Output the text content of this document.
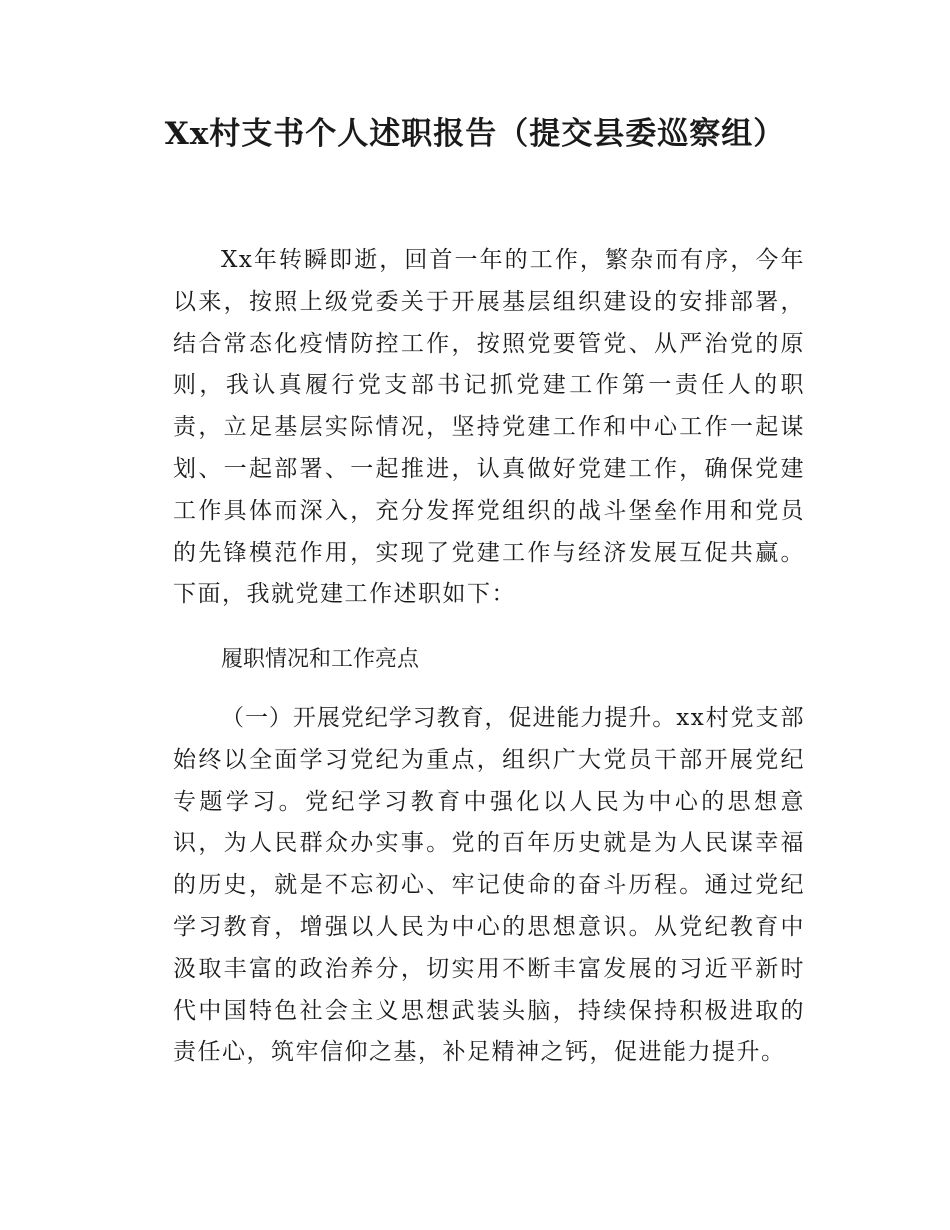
Xx村支书个人述职报告（提交县委巡察组）

Xx年转瞬即逝，回首一年的工作，繁杂而有序，今年以来，按照上级党委关于开展基层组织建设的安排部署，结合常态化疫情防控工作，按照党要管党、从严治党的原则，我认真履行党支部书记抓党建工作第一责任人的职责，立足基层实际情况，坚持党建工作和中心工作一起谋划、一起部署、一起推进，认真做好党建工作，确保党建工作具体而深入，充分发挥党组织的战斗堡垒作用和党员的先锋模范作用，实现了党建工作与经济发展互促共赢。下面，我就党建工作述职如下：

履职情况和工作亮点

（一）开展党纪学习教育，促进能力提升。xx村党支部始终以全面学习党纪为重点，组织广大党员干部开展党纪专题学习。党纪学习教育中强化以人民为中心的思想意识，为人民群众办实事。党的百年历史就是为人民谋幸福的历史，就是不忘初心、牢记使命的奋斗历程。通过党纪学习教育，增强以人民为中心的思想意识。从党纪教育中汲取丰富的政治养分，切实用不断丰富发展的习近平新时代中国特色社会主义思想武装头脑，持续保持积极进取的责任心，筑牢信仰之基，补足精神之钙，促进能力提升。
